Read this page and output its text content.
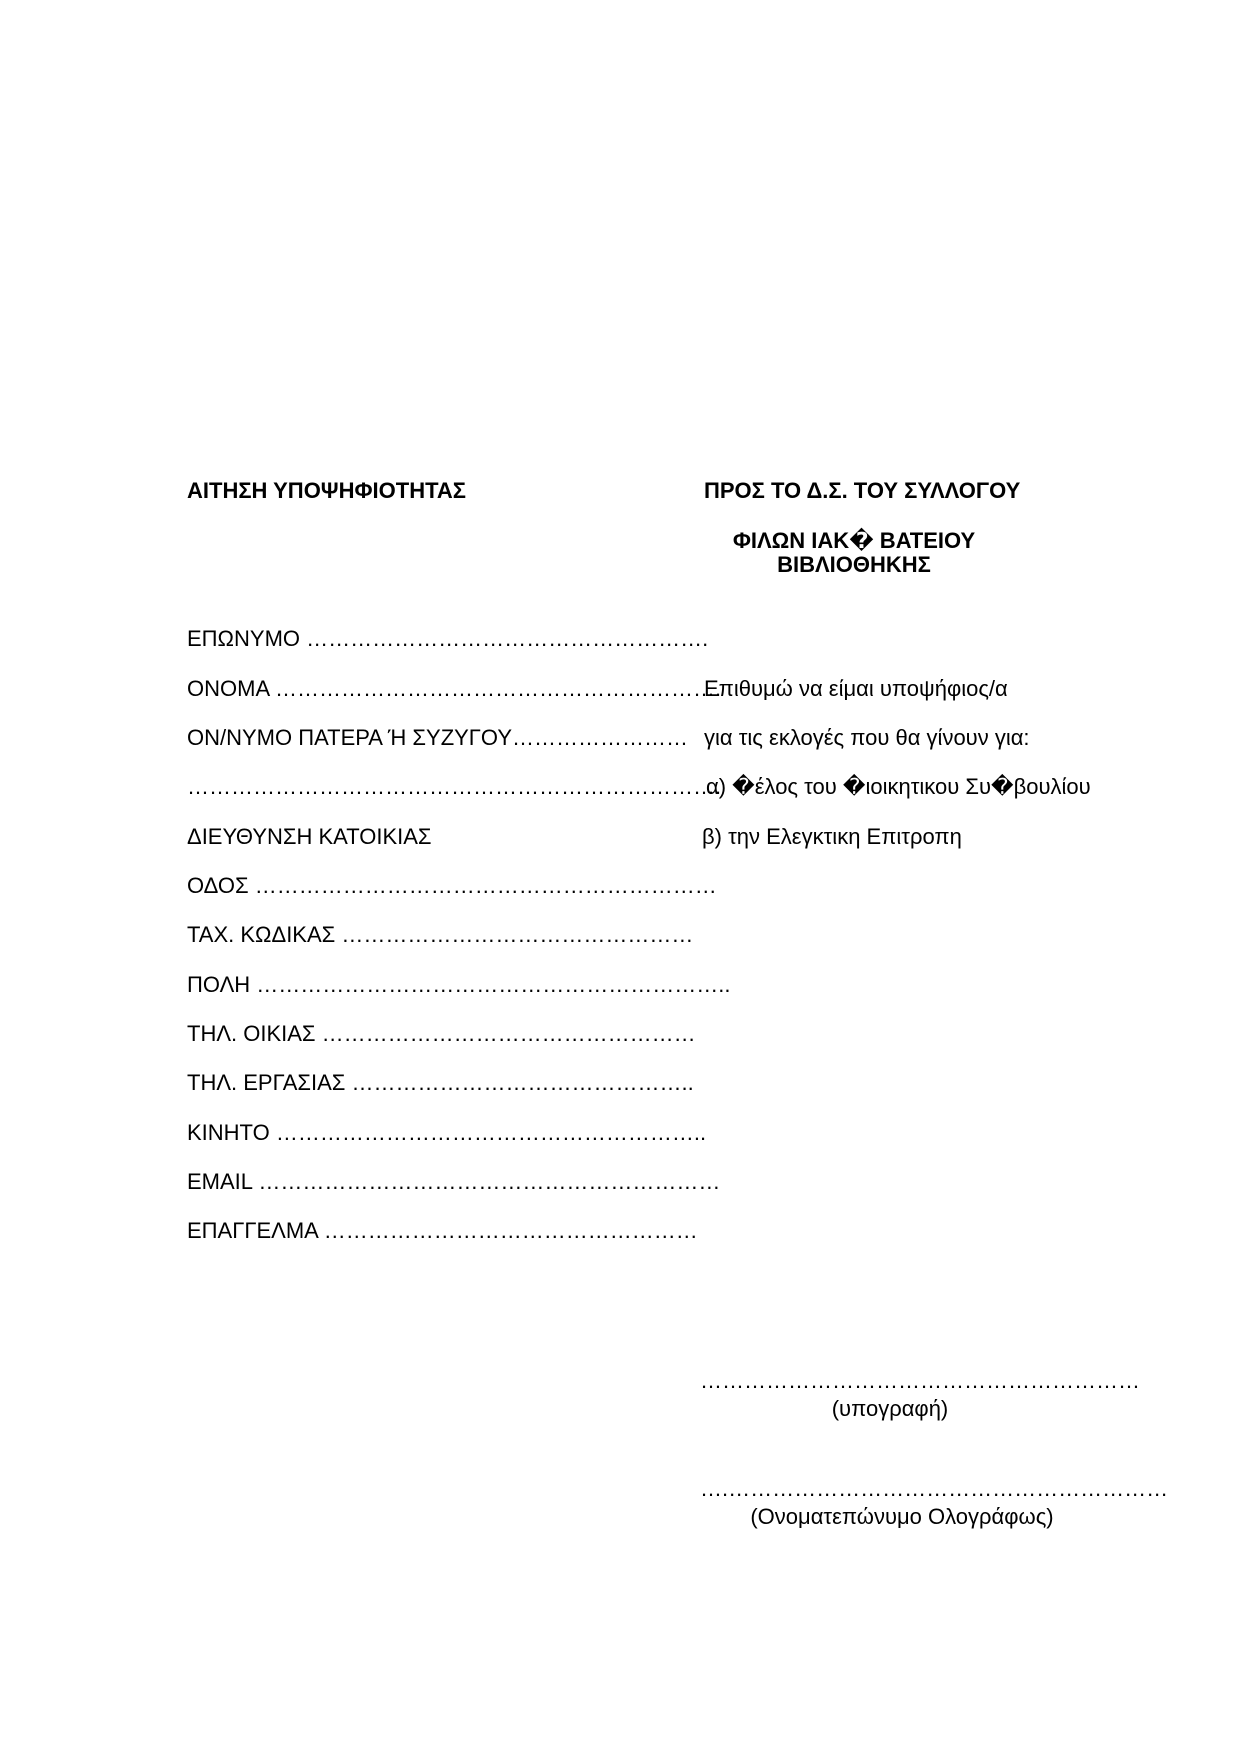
ΑΙΤΗΣΗ ΥΠΟΨΗΦΙΟΤΗΤΑΣ
ΕΠΩΝΥΜΟ ……………………………………………….
ΟΝΟΜΑ …………………………………………………….
ΟΝ/ΝΥΜΟ ΠΑΤΕΡΑ Ή ΣΥΖΥΓΟΥ……………………
……………………………………………………………….
ΔΙΕΥΘΥΝΣΗ ΚΑΤΟΙΚΙΑΣ
ΟΔΟΣ ………………………………………………………
ΤΑΧ. ΚΩΔΙΚΑΣ …………………………………………
ΠΟΛΗ ………………………………………………………..
ΤΗΛ. ΟΙΚΙΑΣ ……………………………………………
ΤΗΛ. ΕΡΓΑΣΙΑΣ ………………………………………..
ΚΙΝΗΤΟ …………………………………………………..
EMAIL ………………………………………………………
ΕΠΑΓΓΕΛΜΑ ……………………………………………
ΠΡΟΣ ΤΟ Δ.Σ. ΤΟΥ ΣΥΛΛΟΓΟΥ
ΦΙΛΩΝ ΙΑΚ� ΒΑΤΕΙΟΥ
ΒΙΒΛΙΟΘΗΚΗΣ
Επιθυμώ να είμαι υποψήφιος/α
για τις εκλογές που θα γίνουν για:
α) �έλος του �ιοικητικου Συ�βουλίου
β) την Ελεγκτικη Επιτροπη
……………………………………………………
(υπογραφή)
….……………………………………………………
(Ονοματεπώνυμο Ολογράφως)
